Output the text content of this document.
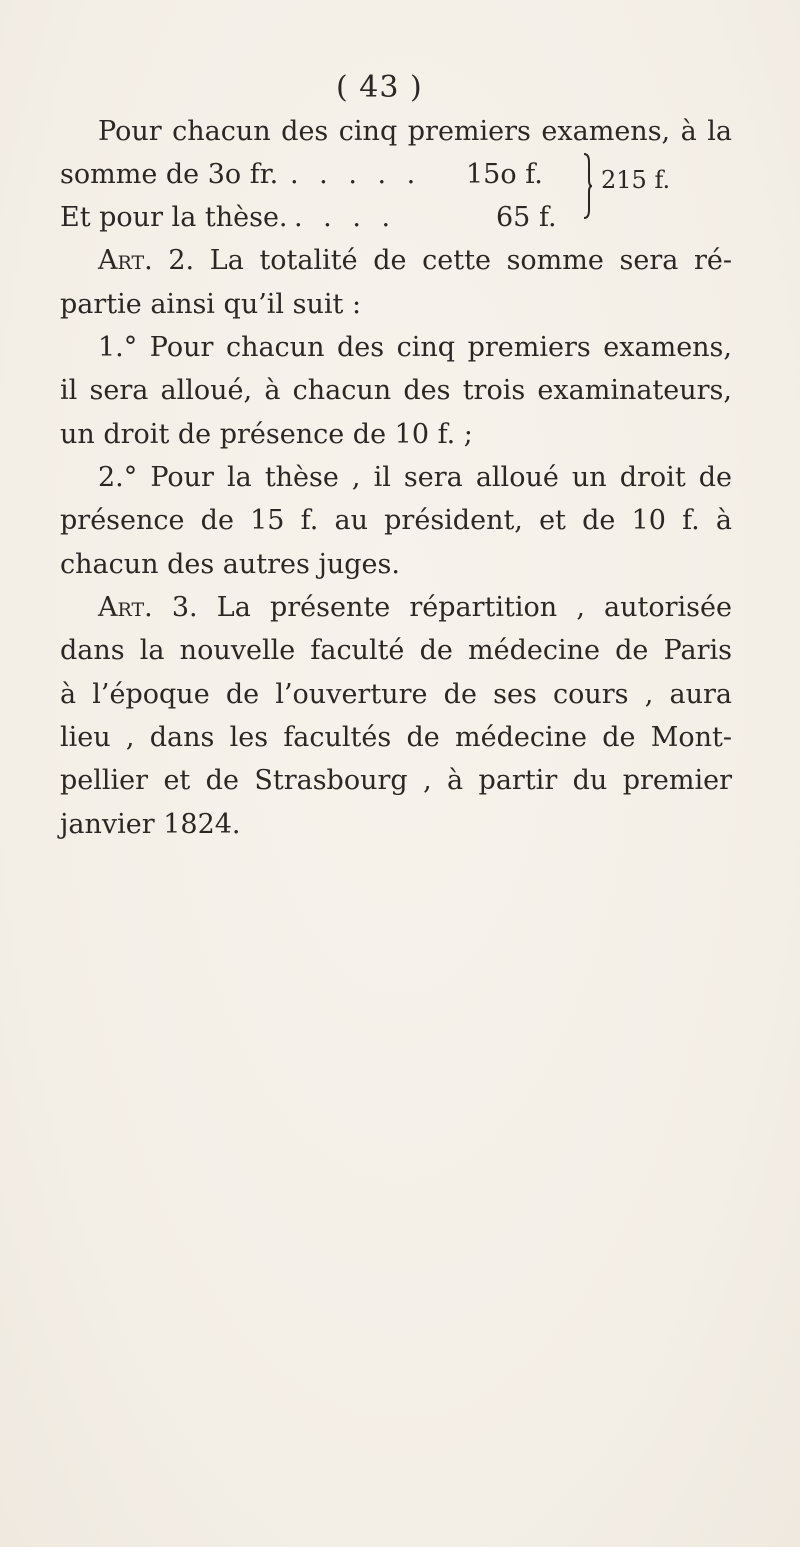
( 43 )
Pour chacun des cinq premiers examens, à la
somme de 3o fr. . . . . . 15o f.
Et pour la thèse. . . . .	65 f.
215 f.
Art. 2. La totalité de cette somme sera ré-
partie ainsi qu’il suit :
1.° Pour chacun des cinq premiers examens,
il sera alloué, à chacun des trois examinateurs,
un droit de présence de 10 f. ;
2.° Pour la thèse , il sera alloué un droit de
présence de 15 f. au président, et de 10 f. à
chacun des autres juges.
Art. 3. La présente répartition , autorisée
dans la nouvelle faculté de médecine de Paris
à l’époque de l’ouverture de ses cours , aura
lieu , dans les facultés de médecine de Mont-
pellier et de Strasbourg , à partir du premier
janvier 1824.
